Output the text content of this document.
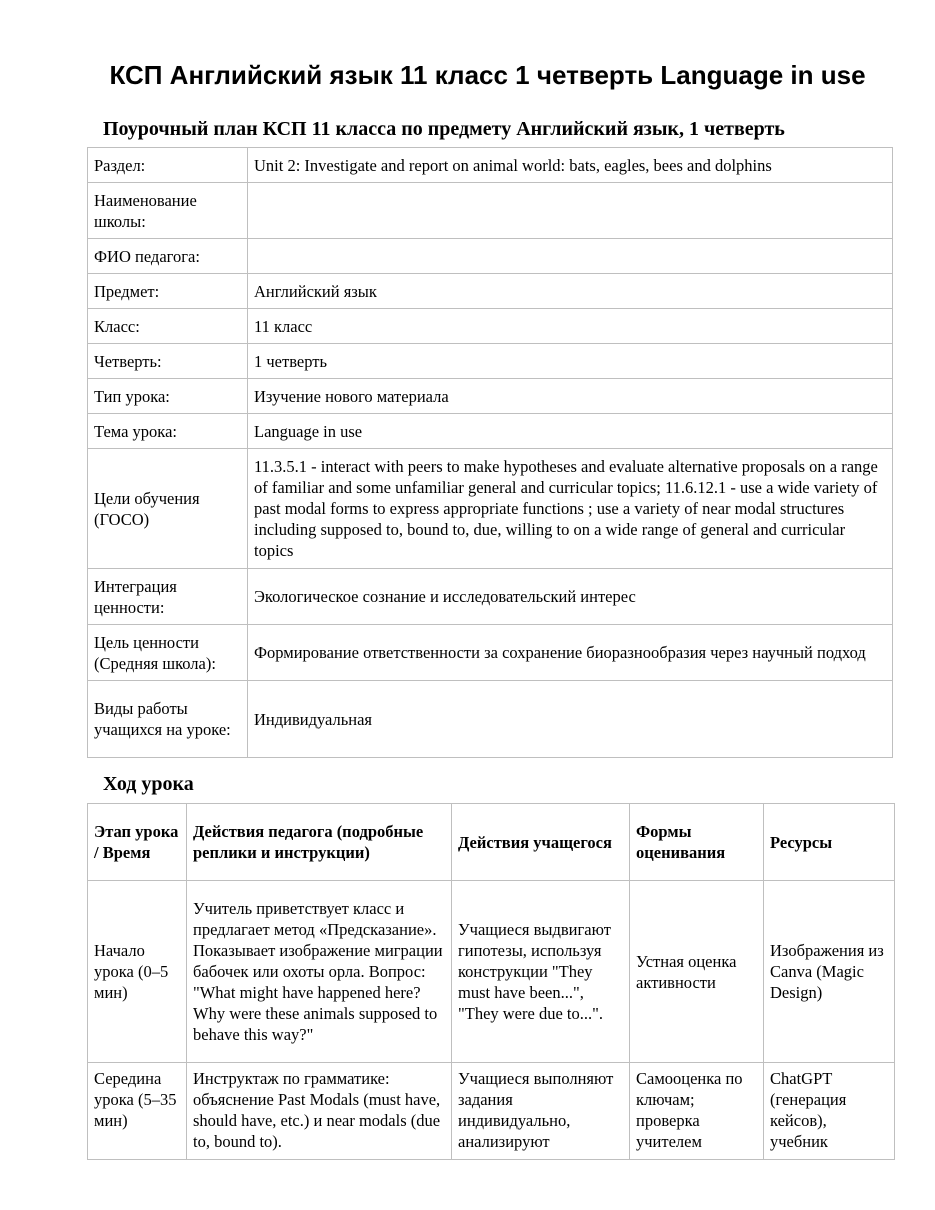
КСП Английский язык 11 класс 1 четверть Language in use
Поурочный план КСП 11 класса по предмету Английский язык, 1 четверть
Раздел:	Unit 2: Investigate and report on animal world: bats, eagles, bees and dolphins
Наименование школы:	
ФИО педагога:	
Предмет:	Английский язык
Класс:	11 класс
Четверть:	1 четверть
Тип урока:	Изучение нового материала
Тема урока:	Language in use
Цели обучения (ГОСО)	11.3.5.1 - interact with peers to make hypotheses and evaluate alternative proposals on a range of familiar and some unfamiliar general and curricular topics; 11.6.12.1 - use a wide variety of past modal forms to express appropriate functions ; use a variety of near modal structures including supposed to, bound to, due, willing to on a wide range of general and curricular topics
Интеграция ценности:	Экологическое сознание и исследовательский интерес
Цель ценности (Средняя школа):	Формирование ответственности за сохранение биоразнообразия через научный подход
Виды работы учащихся на уроке:	Индивидуальная
Ход урока
Этап урока / Время	Действия педагога (подробные реплики и инструкции)	Действия учащегося	Формы оценивания	Ресурсы
Начало урока (0–5 мин)	Учитель приветствует класс и предлагает метод «Предсказание». Показывает изображение миграции бабочек или охоты орла. Вопрос: "What might have happened here? Why were these animals supposed to behave this way?"	Учащиеся выдвигают гипотезы, используя конструкции "They must have been...", "They were due to...".	Устная оценка активности	Изображения из Canva (Magic Design)
Середина урока (5–35 мин)	Инструктаж по грамматике: объяснение Past Modals (must have, should have, etc.) и near modals (due to, bound to).	Учащиеся выполняют задания индивидуально, анализируют	Самооценка по ключам; проверка учителем	ChatGPT (генерация кейсов), учебник
